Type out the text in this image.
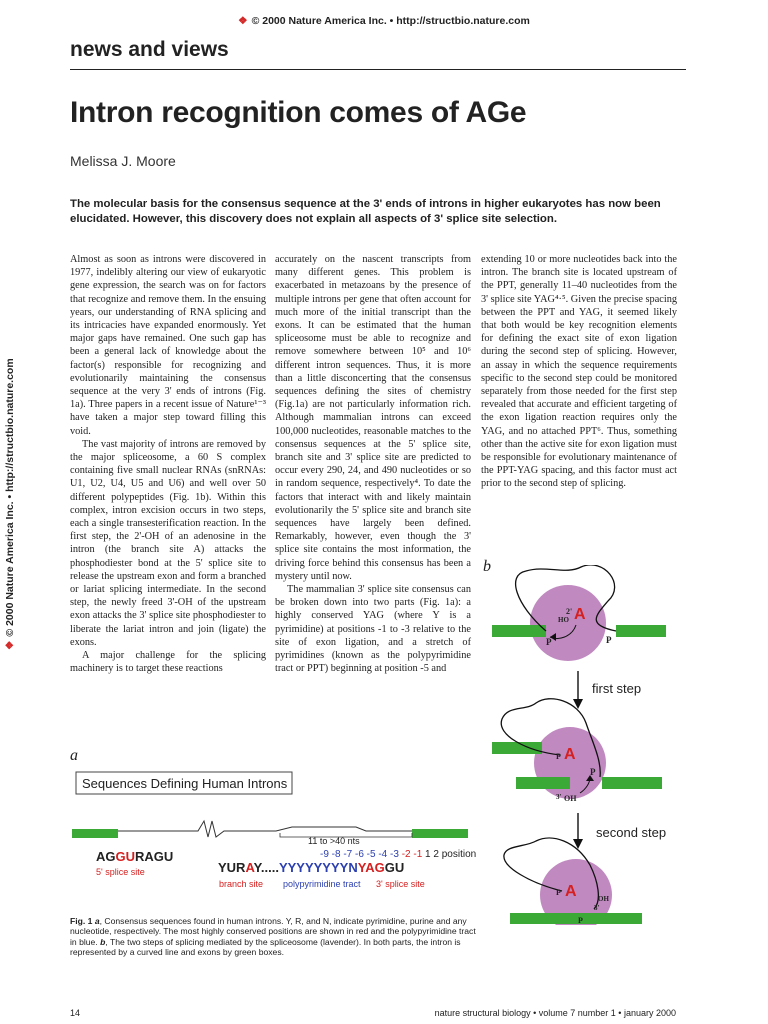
❖ © 2000 Nature America Inc. • http://structbio.nature.com
❖© 2000 Nature America Inc. • http://structbio.nature.com
news and views
Intron recognition comes of AGe
Melissa J. Moore
The molecular basis for the consensus sequence at the 3' ends of introns in higher eukaryotes has now been elucidated. However, this discovery does not explain all aspects of 3' splice site selection.

Almost as soon as introns were discovered in 1977, indelibly altering our view of eukaryotic gene expression, the search was on for factors that recognize and remove them. In the ensuing years, our understanding of RNA splicing and its intricacies have expanded enormously. Yet major gaps have remained. One such gap has been a general lack of knowledge about the factor(s) responsible for recognizing and evolutionarily maintaining the consensus sequence at the very 3' ends of introns (Fig. 1a). Three papers in a recent issue of Nature¹⁻³ have taken a major step toward filling this void.

The vast majority of introns are removed by the major spliceosome, a 60 S complex containing five small nuclear RNAs (snRNAs: U1, U2, U4, U5 and U6) and well over 50 different polypeptides (Fig. 1b). Within this complex, intron excision occurs in two steps, each a single transesterification reaction. In the first step, the 2'-OH of an adenosine in the intron (the branch site A) attacks the phosphodiester bond at the 5' splice site to release the upstream exon and form a branched or lariat splicing intermediate. In the second step, the newly freed 3'-OH of the upstream exon attacks the 3' splice site phosphodiester to liberate the lariat intron and join (ligate) the exons.

A major challenge for the splicing machinery is to target these reactions

accurately on the nascent transcripts from many different genes. This problem is exacerbated in metazoans by the presence of multiple introns per gene that often account for much more of the initial transcript than the exons. It can be estimated that the human spliceosome must be able to recognize and remove somewhere between 10⁵ and 10⁶ different intron sequences. Thus, it is more than a little disconcerting that the consensus sequences defining the sites of chemistry (Fig.1a) are not particularly information rich. Although mammalian introns can exceed 100,000 nucleotides, reasonable matches to the consensus sequences at the 5' splice site, branch site and 3' splice site are predicted to occur every 290, 24, and 490 nucleotides or so in random sequence, respectively⁴. To date the factors that interact with and likely maintain evolutionarily the 5' splice site and branch site sequences have largely been defined. Remarkably, however, even though the 3' splice site contains the most information, the driving force behind this consensus has been a mystery until now.

The mammalian 3' splice site consensus can be broken down into two parts (Fig. 1a): a highly conserved YAG (where Y is a pyrimidine) at positions -1 to -3 relative to the site of exon ligation, and a stretch of pyrimidines (known as the polypyrimidine tract or PPT) beginning at position -5 and

extending 10 or more nucleotides back into the intron. The branch site is located upstream of the PPT, generally 11–40 nucleotides from the 3' splice site YAG⁴·⁵. Given the precise spacing between the PPT and YAG, it seemed likely that both would be key recognition elements for defining the exact site of exon ligation during the second step of splicing. However, an assay in which the sequence requirements specific to the second step could be monitored separately from those needed for the first step revealed that accurate and efficient targeting of the exon ligation reaction requires only the YAG, and no attached PPT⁶. Thus, something other than the active site for exon ligation must be responsible for evolutionary maintenance of the PPT-YAG spacing, and this factor must act prior to the second step of splicing.

a
b
Sequences Defining Human Introns
11 to >40 nts
-9 -8 -7 -6 -5 -4 -3 -2 -1 1 2 position
AGGURAGU
5' splice site	YURAY.....YYYYYYYYNYAGGU
branch site polypyrimidine tract 3' splice site
2'
HO A
P	P
first step
P A
P
3' OH
second step
P A	OH
3'
P
Fig. 1 a, Consensus sequences found in human introns. Y, R, and N, indicate pyrimidine, purine and any nucleotide, respectively. The most highly conserved positions are shown in red and the polypyrimidine tract in blue. b, The two steps of splicing mediated by the spliceosome (lavender). In both parts, the intron is represented by a curved line and exons by green boxes.
14	nature structural biology • volume 7 number 1 • january 2000
